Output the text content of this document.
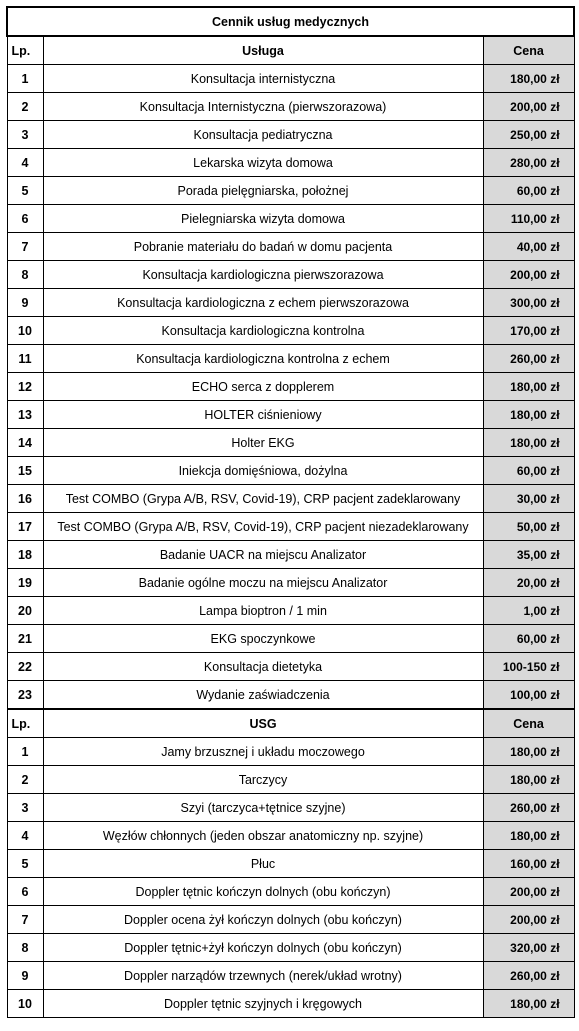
Cennik usług medycznych		
Lp.	Usługa	Cena
1	Konsultacja internistyczna	180,00 zł
2	Konsultacja Internistyczna (pierwszorazowa)	200,00 zł
3	Konsultacja pediatryczna	250,00 zł
4	Lekarska wizyta domowa	280,00 zł
5	Porada pielęgniarska, położnej	60,00 zł
6	Pielegniarska wizyta domowa	110,00 zł
7	Pobranie materiału do badań w domu pacjenta	40,00 zł
8	Konsultacja kardiologiczna pierwszorazowa	200,00 zł
9	Konsultacja kardiologiczna z echem pierwszorazowa	300,00 zł
10	Konsultacja kardiologiczna kontrolna	170,00 zł
11	Konsultacja kardiologiczna kontrolna z echem	260,00 zł
12	ECHO serca z dopplerem	180,00 zł
13	HOLTER ciśnieniowy	180,00 zł
14	Holter EKG	180,00 zł
15	Iniekcja domięśniowa, dożylna	60,00 zł
16	Test COMBO (Grypa A/B, RSV, Covid-19), CRP pacjent zadeklarowany	30,00 zł
17	Test COMBO (Grypa A/B, RSV, Covid-19), CRP pacjent niezadeklarowany	50,00 zł
18	Badanie UACR na miejscu Analizator	35,00 zł
19	Badanie ogólne moczu na miejscu Analizator	20,00 zł
20	Lampa bioptron / 1 min	1,00 zł
21	EKG spoczynkowe	60,00 zł
22	Konsultacja dietetyka	100-150 zł
23	Wydanie zaświadczenia	100,00 zł
Lp.	USG	Cena
1	Jamy brzusznej i układu moczowego	180,00 zł
2	Tarczycy	180,00 zł
3	Szyi (tarczyca+tętnice szyjne)	260,00 zł
4	Węzłów chłonnych (jeden obszar anatomiczny np. szyjne)	180,00 zł
5	Płuc	160,00 zł
6	Doppler tętnic kończyn dolnych (obu kończyn)	200,00 zł
7	Doppler ocena żył kończyn dolnych (obu kończyn)	200,00 zł
8	Doppler tętnic+żył kończyn dolnych (obu kończyn)	320,00 zł
9	Doppler narządów trzewnych (nerek/układ wrotny)	260,00 zł
10	Doppler tętnic szyjnych i kręgowych	180,00 zł
